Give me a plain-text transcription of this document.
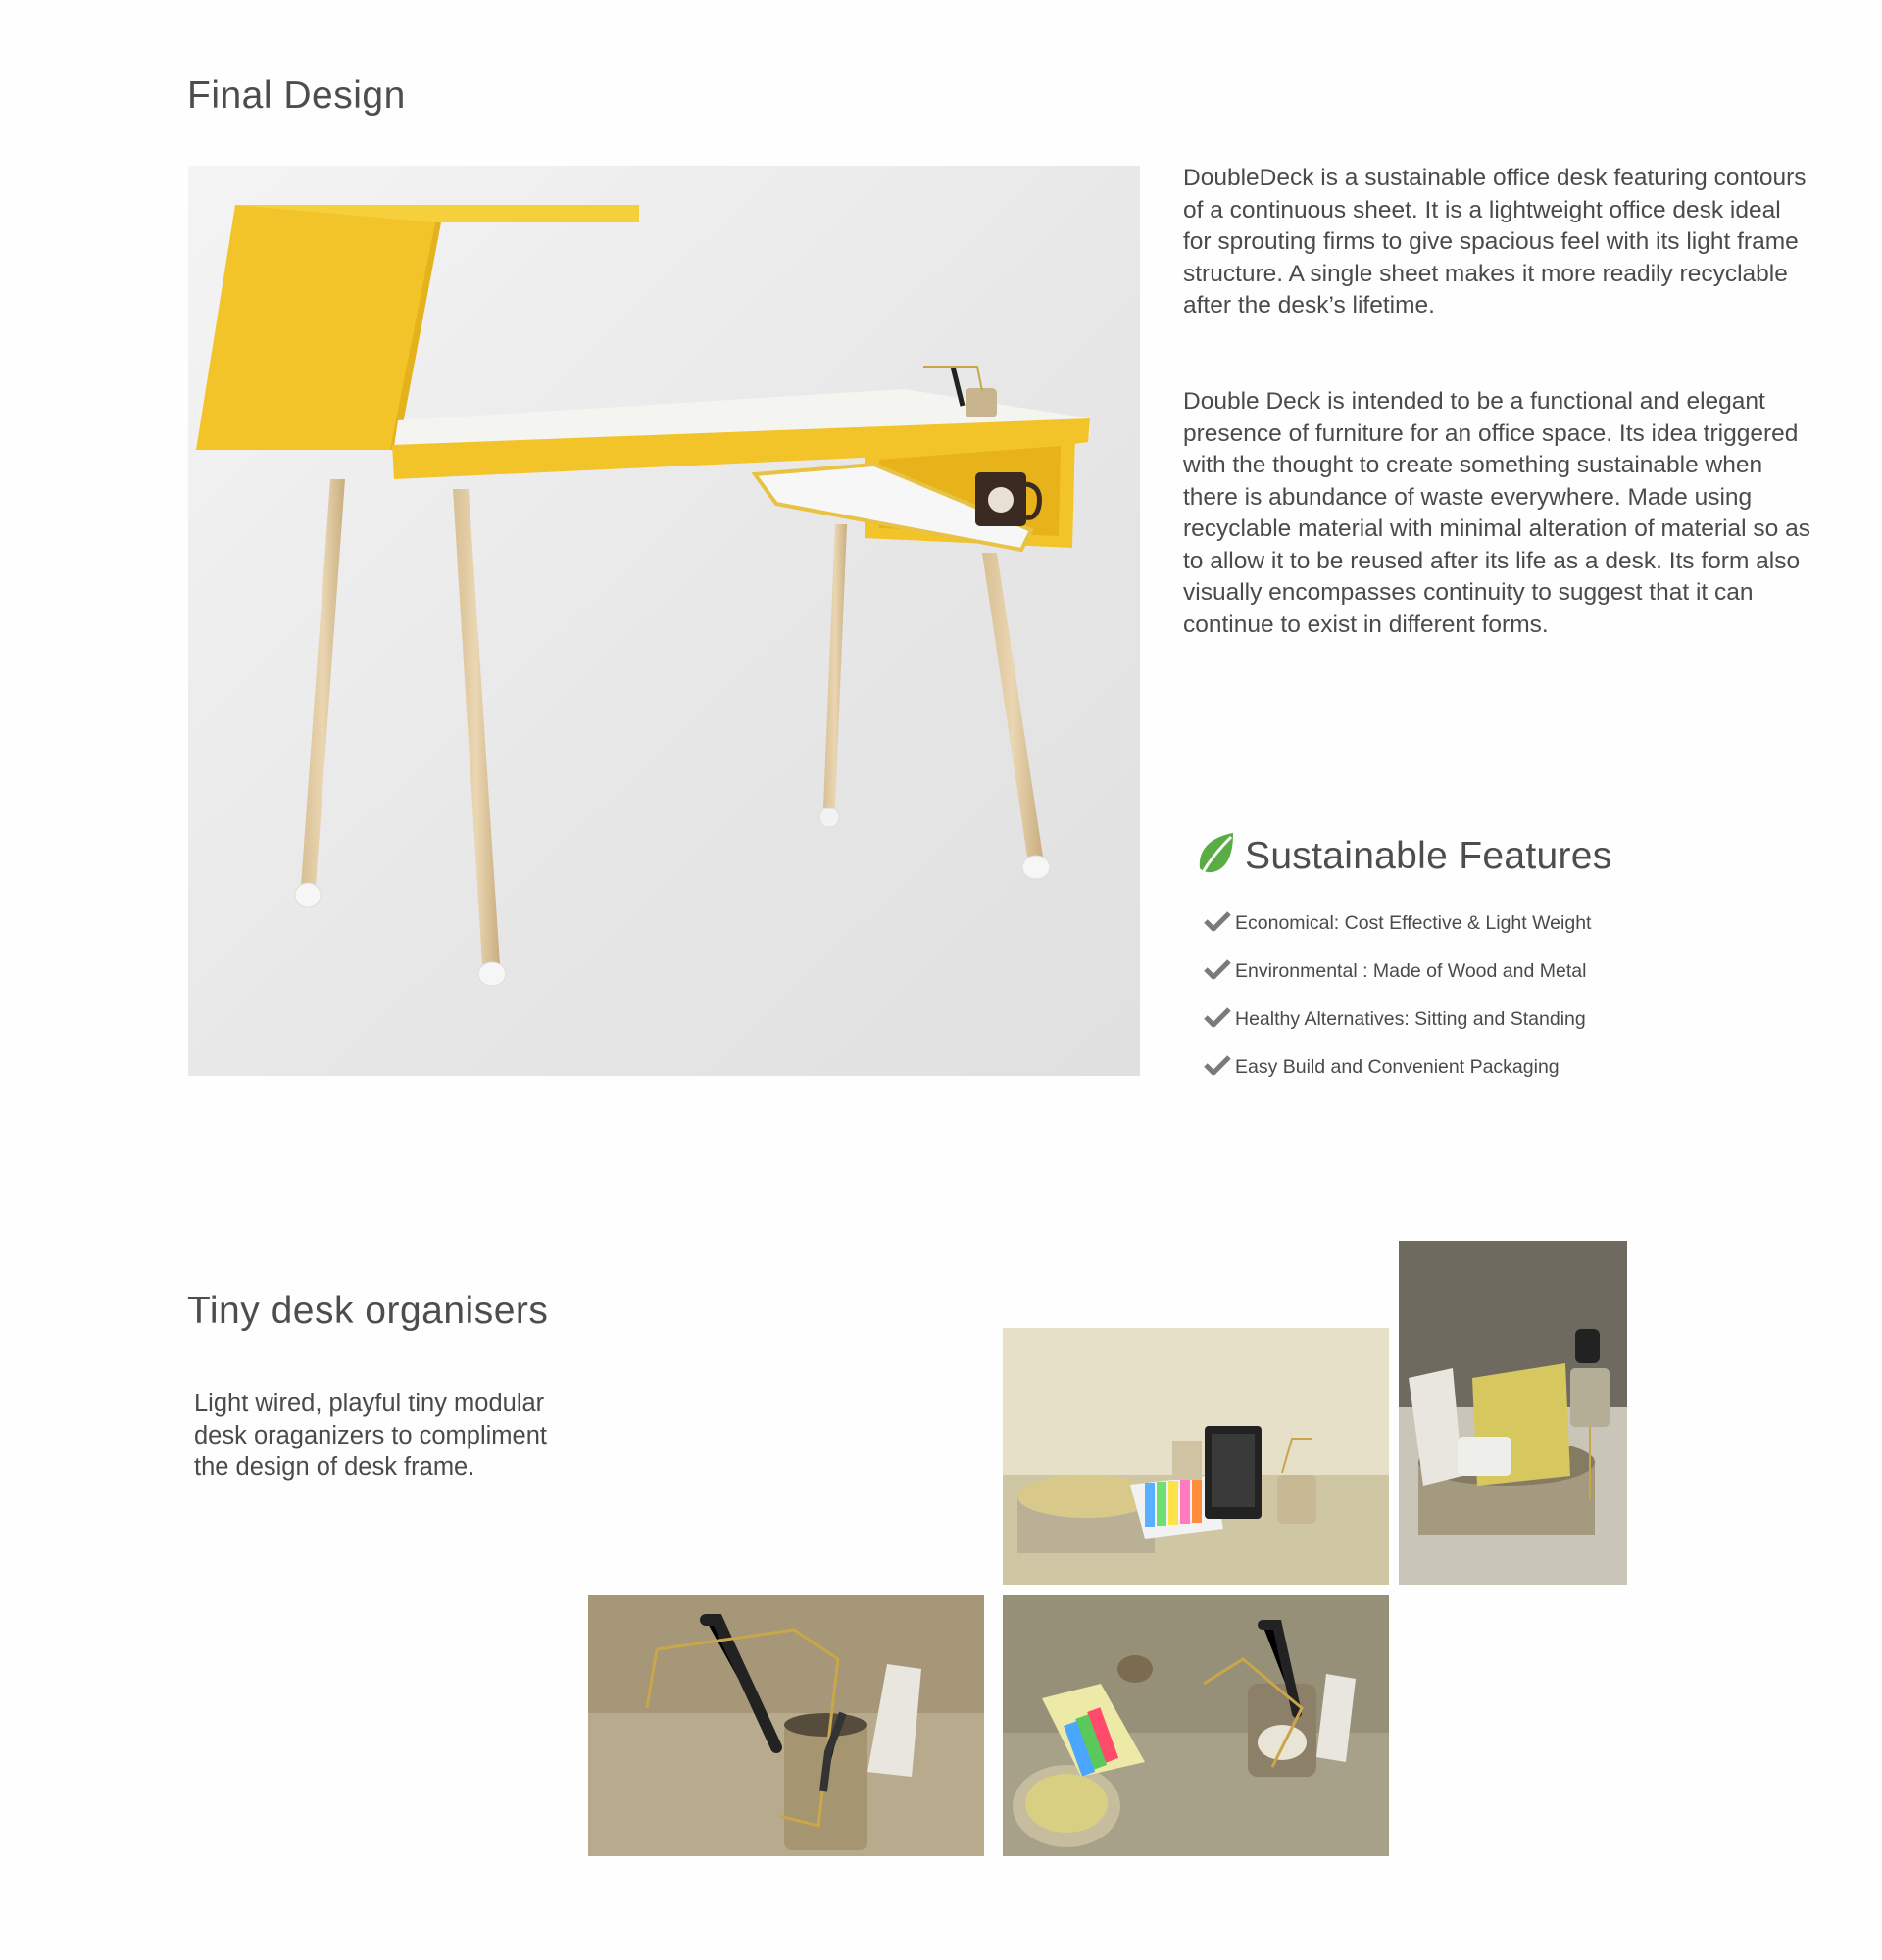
Final Design

DoubleDeck is a sustainable office desk featuring contours of a continuous sheet. It is a lightweight office desk ideal for sprouting firms to give spacious feel with its light frame structure. A single sheet makes it more readily recyclable after the desk’s lifetime.

Double Deck is intended to be a functional and elegant presence of furniture for an office space. Its idea triggered with the thought to create something sustainable when there is abundance of waste everywhere. Made using recyclable material with minimal alteration of material so as to allow it to be reused after its life as a desk. Its form also visually encompasses continuity to suggest that it can continue to exist in different forms.

Sustainable Features
Economical: Cost Effective & Light Weight
Environmental : Made of Wood and Metal
Healthy Alternatives: Sitting and Standing
Easy Build and Convenient Packaging
Tiny desk organisers

Light wired, playful tiny modular desk oraganizers to compliment the design of desk frame.
